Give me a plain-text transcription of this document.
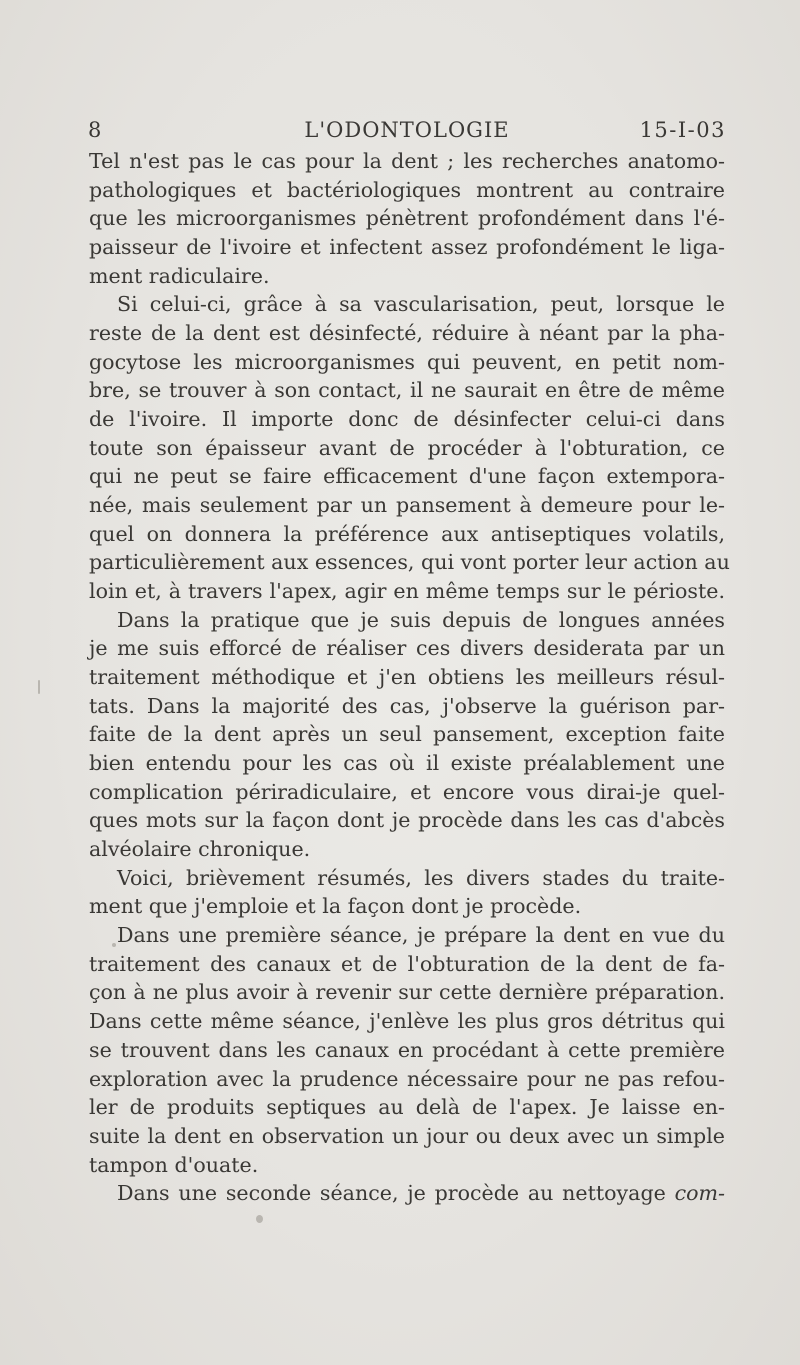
8	L'ODONTOLOGIE	15-I-03
Tel n'est pas le cas pour la dent ; les recherches anatomo-
pathologiques et bactériologiques montrent au contraire
que les microorganismes pénètrent profondément dans l'é-
paisseur de l'ivoire et infectent assez profondément le liga-
ment radiculaire.
Si celui-ci, grâce à sa vascularisation, peut, lorsque le
reste de la dent est désinfecté, réduire à néant par la pha-
gocytose les microorganismes qui peuvent, en petit nom-
bre, se trouver à son contact, il ne saurait en être de même
de l'ivoire. Il importe donc de désinfecter celui-ci dans
toute son épaisseur avant de procéder à l'obturation, ce
qui ne peut se faire efficacement d'une façon extempora-
née, mais seulement par un pansement à demeure pour le-
quel on donnera la préférence aux antiseptiques volatils,
particulièrement aux essences, qui vont porter leur action au
loin et, à travers l'apex, agir en même temps sur le périoste.
Dans la pratique que je suis depuis de longues années
je me suis efforcé de réaliser ces divers desiderata par un
traitement méthodique et j'en obtiens les meilleurs résul-
tats. Dans la majorité des cas, j'observe la guérison par-
faite de la dent après un seul pansement, exception faite
bien entendu pour les cas où il existe préalablement une
complication périradiculaire, et encore vous dirai-je quel-
ques mots sur la façon dont je procède dans les cas d'abcès
alvéolaire chronique.
Voici, brièvement résumés, les divers stades du traite-
ment que j'emploie et la façon dont je procède.
Dans une première séance, je prépare la dent en vue du
traitement des canaux et de l'obturation de la dent de fa-
çon à ne plus avoir à revenir sur cette dernière préparation.
Dans cette même séance, j'enlève les plus gros détritus qui
se trouvent dans les canaux en procédant à cette première
exploration avec la prudence nécessaire pour ne pas refou-
ler de produits septiques au delà de l'apex. Je laisse en-
suite la dent en observation un jour ou deux avec un simple
tampon d'ouate.
Dans une seconde séance, je procède au nettoyage com-
